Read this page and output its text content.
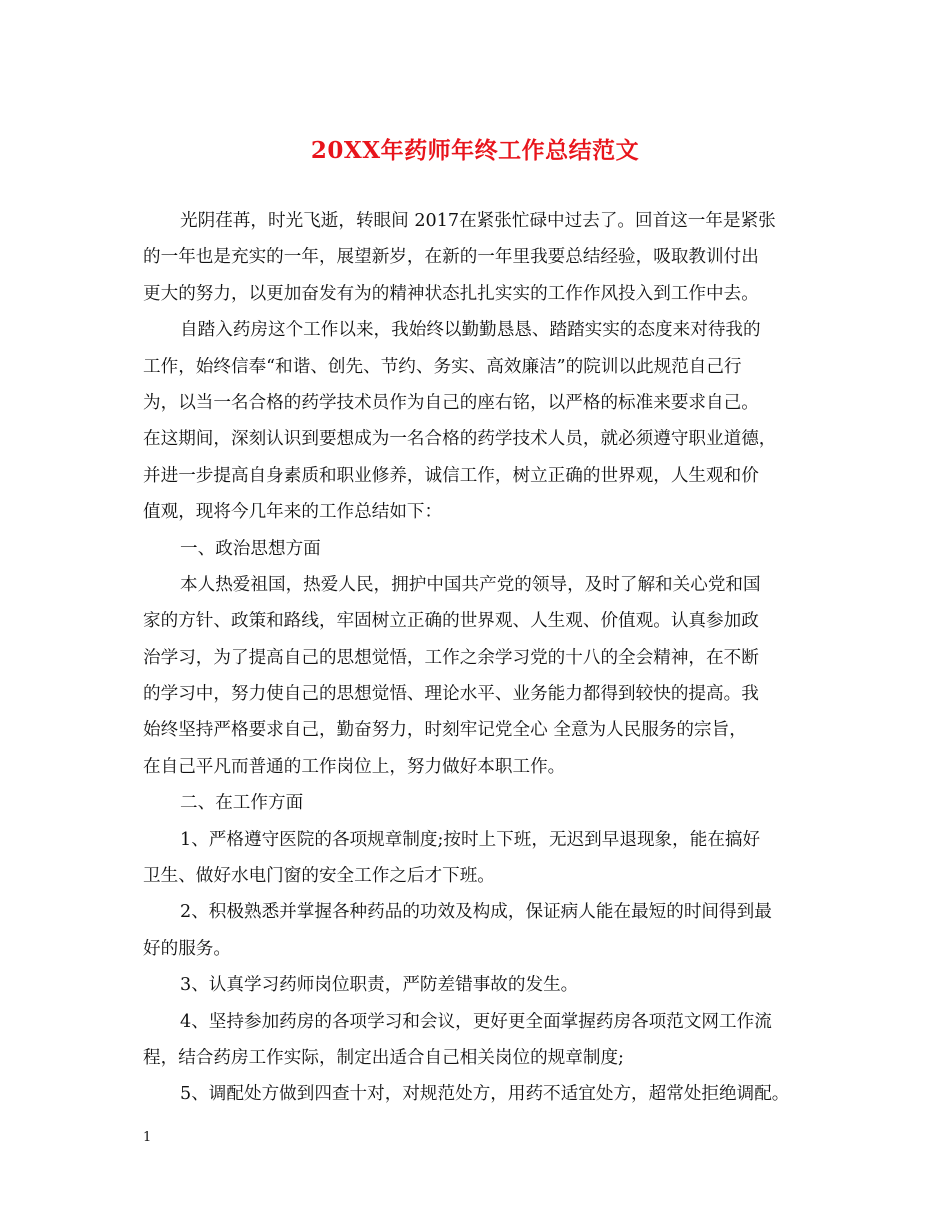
20XX年药师年终工作总结范文
光阴荏苒，时光飞逝，转眼间 2017在紧张忙碌中过去了。回首这一年是紧张
的一年也是充实的一年，展望新岁，在新的一年里我要总结经验，吸取教训付出
更大的努力，以更加奋发有为的精神状态扎扎实实的工作作风投入到工作中去。
自踏入药房这个工作以来，我始终以勤勤恳恳、踏踏实实的态度来对待我的
工作，始终信奉“和谐、创先、节约、务实、高效廉洁”的院训以此规范自己行
为，以当一名合格的药学技术员作为自己的座右铭，以严格的标准来要求自己。
在这期间，深刻认识到要想成为一名合格的药学技术人员，就必须遵守职业道德，
并进一步提高自身素质和职业修养，诚信工作，树立正确的世界观，人生观和价
值观，现将今几年来的工作总结如下：
一、政治思想方面
本人热爱祖国，热爱人民，拥护中国共产党的领导，及时了解和关心党和国
家的方针、政策和路线，牢固树立正确的世界观、人生观、价值观。认真参加政
治学习，为了提高自己的思想觉悟，工作之余学习党的十八的全会精神，在不断
的学习中，努力使自己的思想觉悟、理论水平、业务能力都得到较快的提高。我
始终坚持严格要求自己，勤奋努力，时刻牢记党全心 全意为人民服务的宗旨，
在自己平凡而普通的工作岗位上，努力做好本职工作。
二、在工作方面
1、严格遵守医院的各项规章制度;按时上下班，无迟到早退现象，能在搞好
卫生、做好水电门窗的安全工作之后才下班。
2、积极熟悉并掌握各种药品的功效及构成，保证病人能在最短的时间得到最
好的服务。
3、认真学习药师岗位职责，严防差错事故的发生。
4、坚持参加药房的各项学习和会议，更好更全面掌握药房各项范文网工作流
程，结合药房工作实际，制定出适合自己相关岗位的规章制度;
5、调配处方做到四查十对，对规范处方，用药不适宜处方，超常处拒绝调配。
1
